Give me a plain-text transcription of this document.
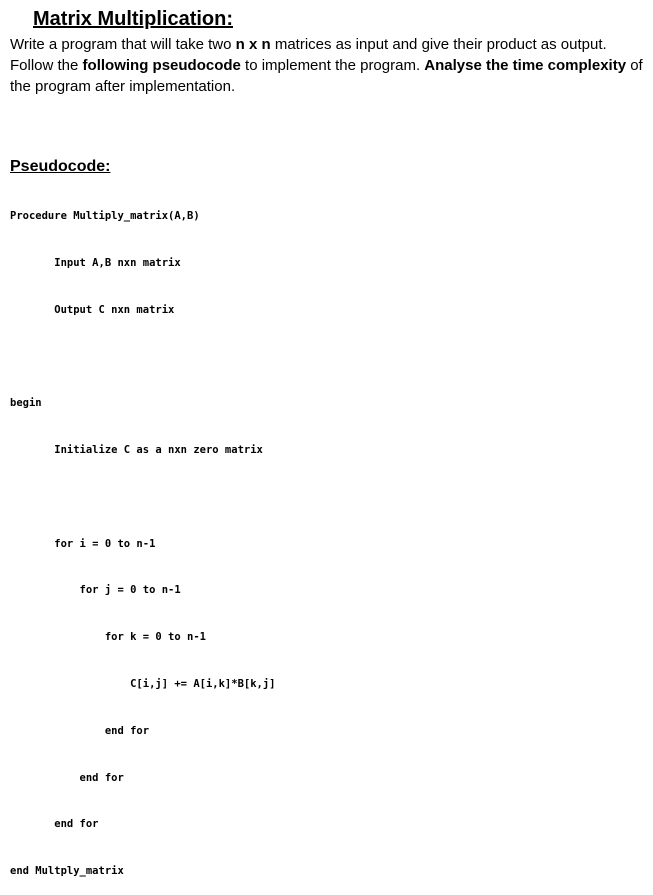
Matrix Multiplication:
Write a program that will take two n x n matrices as input and give their product as output. Follow the following pseudocode to implement the program. Analyse the time complexity of the program after implementation.
Pseudocode:

Procedure Multiply_matrix(A,B)

Input A,B nxn matrix

Output C nxn matrix

begin

Initialize C as a nxn zero matrix

for i = 0 to n-1

for j = 0 to n-1

for k = 0 to n-1

C[i,j] += A[i,k]*B[k,j]

end for

end for

end for

end Multply_matrix
